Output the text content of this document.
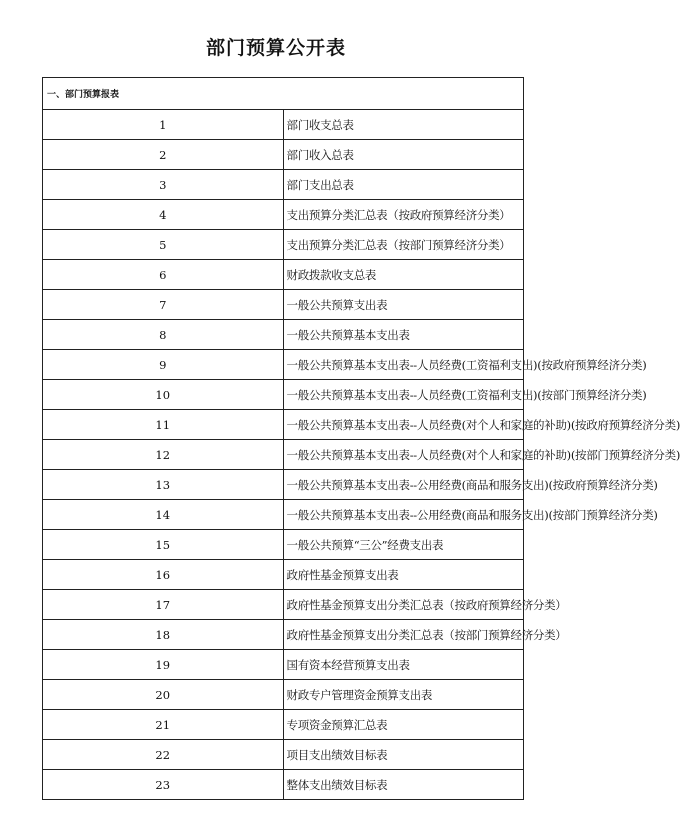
部门预算公开表
一、部门预算报表	
1	部门收支总表
2	部门收入总表
3	部门支出总表
4	支出预算分类汇总表（按政府预算经济分类）
5	支出预算分类汇总表（按部门预算经济分类）
6	财政拨款收支总表
7	一般公共预算支出表
8	一般公共预算基本支出表
9	一般公共预算基本支出表--人员经费(工资福利支出)(按政府预算经济分类)
10	一般公共预算基本支出表--人员经费(工资福利支出)(按部门预算经济分类)
11	一般公共预算基本支出表--人员经费(对个人和家庭的补助)(按政府预算经济分类)
12	一般公共预算基本支出表--人员经费(对个人和家庭的补助)(按部门预算经济分类)
13	一般公共预算基本支出表--公用经费(商品和服务支出)(按政府预算经济分类)
14	一般公共预算基本支出表--公用经费(商品和服务支出)(按部门预算经济分类)
15	一般公共预算“三公”经费支出表
16	政府性基金预算支出表
17	政府性基金预算支出分类汇总表（按政府预算经济分类）
18	政府性基金预算支出分类汇总表（按部门预算经济分类）
19	国有资本经营预算支出表
20	财政专户管理资金预算支出表
21	专项资金预算汇总表
22	项目支出绩效目标表
23	整体支出绩效目标表
